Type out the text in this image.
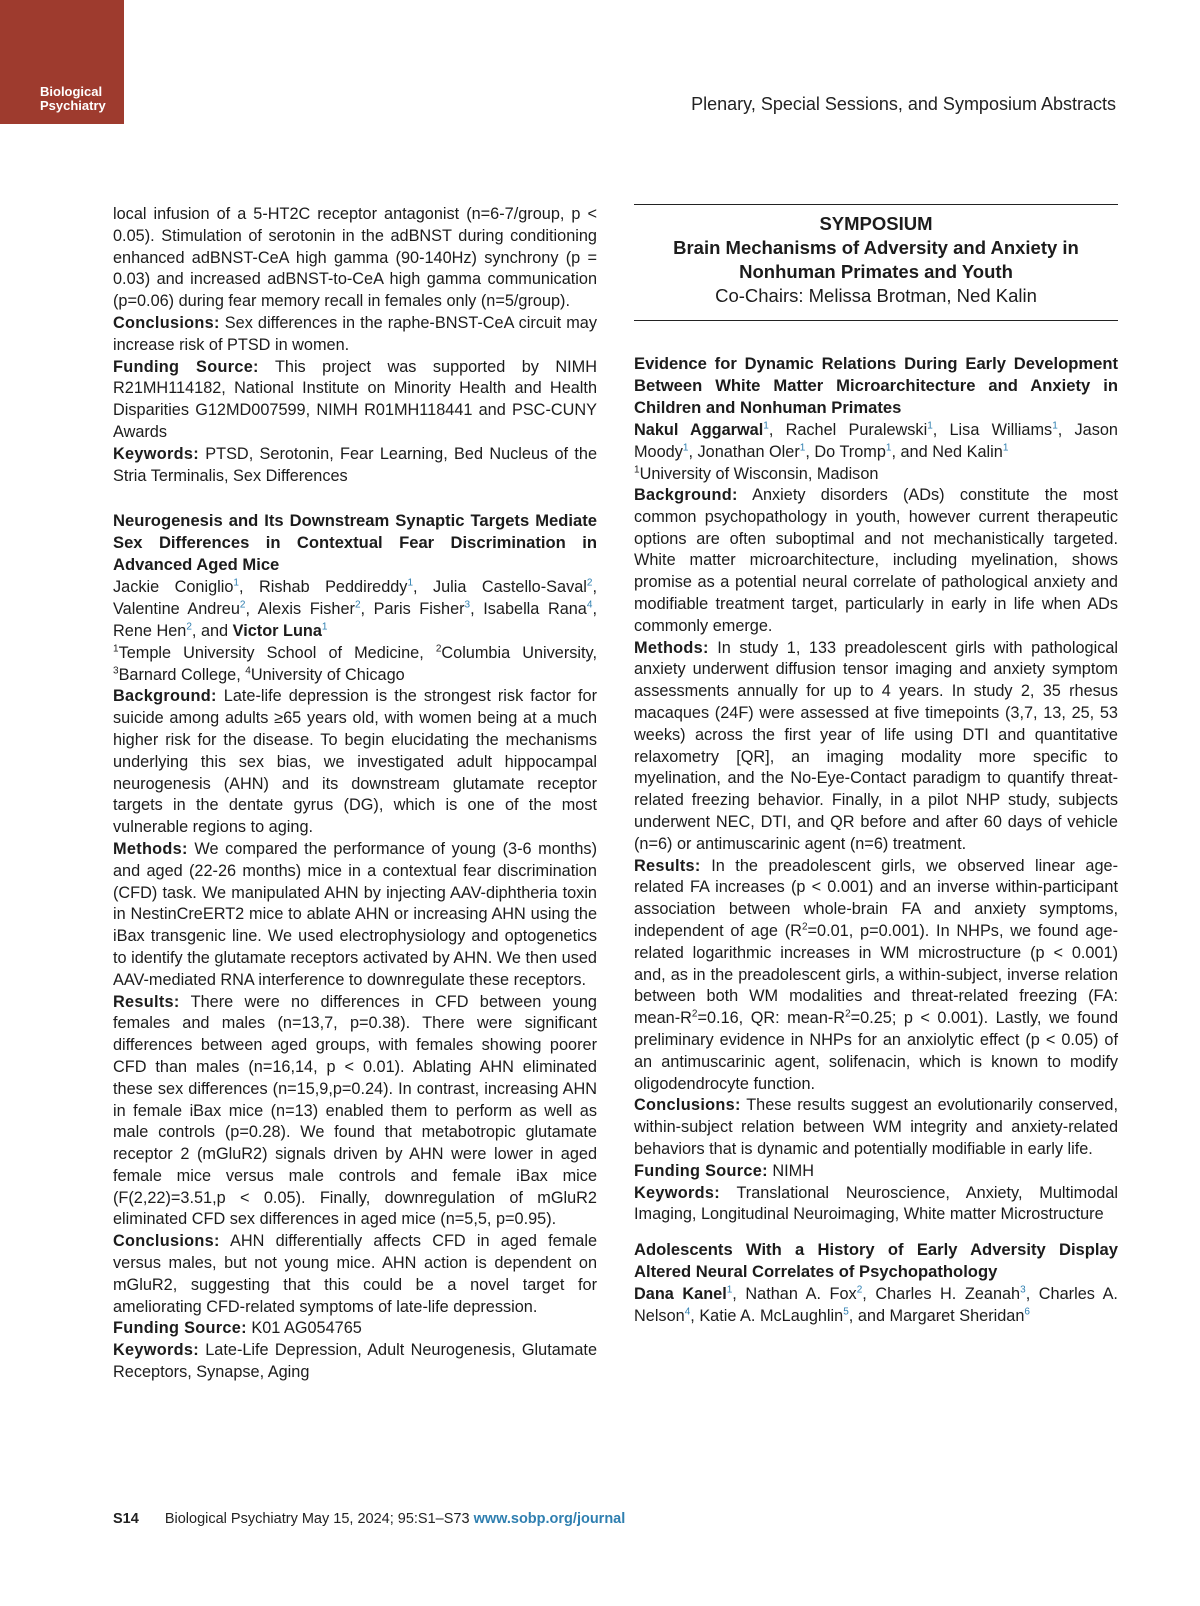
Biological
Psychiatry	Plenary, Special Sessions, and Symposium Abstracts

local infusion of a 5-HT2C receptor antagonist (n=6-7/group, p < 0.05). Stimulation of serotonin in the adBNST during conditioning enhanced adBNST-CeA high gamma (90-140Hz) synchrony (p = 0.03) and increased adBNST-to-CeA high gamma communication (p=0.06) during fear memory recall in females only (n=5/group).

Conclusions: Sex differences in the raphe-BNST-CeA circuit may increase risk of PTSD in women.

Funding Source: This project was supported by NIMH R21MH114182, National Institute on Minority Health and Health Disparities G12MD007599, NIMH R01MH118441 and PSC-CUNY Awards

Keywords: PTSD, Serotonin, Fear Learning, Bed Nucleus of the Stria Terminalis, Sex Differences

Neurogenesis and Its Downstream Synaptic Targets Mediate Sex Differences in Contextual Fear Discrimination in Advanced Aged Mice

Jackie Coniglio$^1$, Rishab Peddireddy$^1$, Julia Castello-Saval$^2$, Valentine Andreu$^2$, Alexis Fisher$^2$, Paris Fisher$^3$, Isabella Rana$^4$, Rene Hen$^2$, and Victor Luna$^1$

$^1$Temple University School of Medicine, $^2$Columbia University, $^3$Barnard College, $^4$University of Chicago

Background: Late-life depression is the strongest risk factor for suicide among adults ≥65 years old, with women being at a much higher risk for the disease. To begin elucidating the mechanisms underlying this sex bias, we investigated adult hippocampal neurogenesis (AHN) and its downstream glutamate receptor targets in the dentate gyrus (DG), which is one of the most vulnerable regions to aging.

Methods: We compared the performance of young (3-6 months) and aged (22-26 months) mice in a contextual fear discrimination (CFD) task. We manipulated AHN by injecting AAV-diphtheria toxin in NestinCreERT2 mice to ablate AHN or increasing AHN using the iBax transgenic line. We used electrophysiology and optogenetics to identify the glutamate receptors activated by AHN. We then used AAV-mediated RNA interference to downregulate these receptors.

Results: There were no differences in CFD between young females and males (n=13,7, p=0.38). There were significant differences between aged groups, with females showing poorer CFD than males (n=16,14, p < 0.01). Ablating AHN eliminated these sex differences (n=15,9,p=0.24). In contrast, increasing AHN in female iBax mice (n=13) enabled them to perform as well as male controls (p=0.28). We found that metabotropic glutamate receptor 2 (mGluR2) signals driven by AHN were lower in aged female mice versus male controls and female iBax mice (F(2,22)=3.51,p < 0.05). Finally, downregulation of mGluR2 eliminated CFD sex differences in aged mice (n=5,5, p=0.95).

Conclusions: AHN differentially affects CFD in aged female versus males, but not young mice. AHN action is dependent on mGluR2, suggesting that this could be a novel target for ameliorating CFD-related symptoms of late-life depression.

Funding Source: K01 AG054765

Keywords: Late-Life Depression, Adult Neurogenesis, Glutamate Receptors, Synapse, Aging

SYMPOSIUM
Brain Mechanisms of Adversity and Anxiety in Nonhuman Primates and Youth
Co-Chairs: Melissa Brotman, Ned Kalin

Evidence for Dynamic Relations During Early Development Between White Matter Microarchitecture and Anxiety in Children and Nonhuman Primates

Nakul Aggarwal$^1$, Rachel Puralewski$^1$, Lisa Williams$^1$, Jason Moody$^1$, Jonathan Oler$^1$, Do Tromp$^1$, and Ned Kalin$^1$

$^1$University of Wisconsin, Madison

Background: Anxiety disorders (ADs) constitute the most common psychopathology in youth, however current therapeutic options are often suboptimal and not mechanistically targeted. White matter microarchitecture, including myelination, shows promise as a potential neural correlate of pathological anxiety and modifiable treatment target, particularly in early in life when ADs commonly emerge.

Methods: In study 1, 133 preadolescent girls with pathological anxiety underwent diffusion tensor imaging and anxiety symptom assessments annually for up to 4 years. In study 2, 35 rhesus macaques (24F) were assessed at five timepoints (3,7, 13, 25, 53 weeks) across the first year of life using DTI and quantitative relaxometry [QR], an imaging modality more specific to myelination, and the No-Eye-Contact paradigm to quantify threat-related freezing behavior. Finally, in a pilot NHP study, subjects underwent NEC, DTI, and QR before and after 60 days of vehicle (n=6) or antimuscarinic agent (n=6) treatment.

Results: In the preadolescent girls, we observed linear age-related FA increases (p < 0.001) and an inverse within-participant association between whole-brain FA and anxiety symptoms, independent of age ($R^2=0.01$, p=0.001). In NHPs, we found age-related logarithmic increases in WM microstructure (p < 0.001) and, as in the preadolescent girls, a within-subject, inverse relation between both WM modalities and threat-related freezing (FA: mean-$R^2=0.16$, QR: mean-$R^2=0.25$; p < 0.001). Lastly, we found preliminary evidence in NHPs for an anxiolytic effect (p < 0.05) of an antimuscarinic agent, solifenacin, which is known to modify oligodendrocyte function.

Conclusions: These results suggest an evolutionarily conserved, within-subject relation between WM integrity and anxiety-related behaviors that is dynamic and potentially modifiable in early life.

Funding Source: NIMH

Keywords: Translational Neuroscience, Anxiety, Multimodal Imaging, Longitudinal Neuroimaging, White matter Microstructure

Adolescents With a History of Early Adversity Display Altered Neural Correlates of Psychopathology

Dana Kanel$^1$, Nathan A. Fox$^2$, Charles H. Zeanah$^3$, Charles A. Nelson$^4$, Katie A. McLaughlin$^5$, and Margaret Sheridan$^6$

S14 Biological Psychiatry May 15, 2024; 95:S1–S73 www.sobp.org/journal
